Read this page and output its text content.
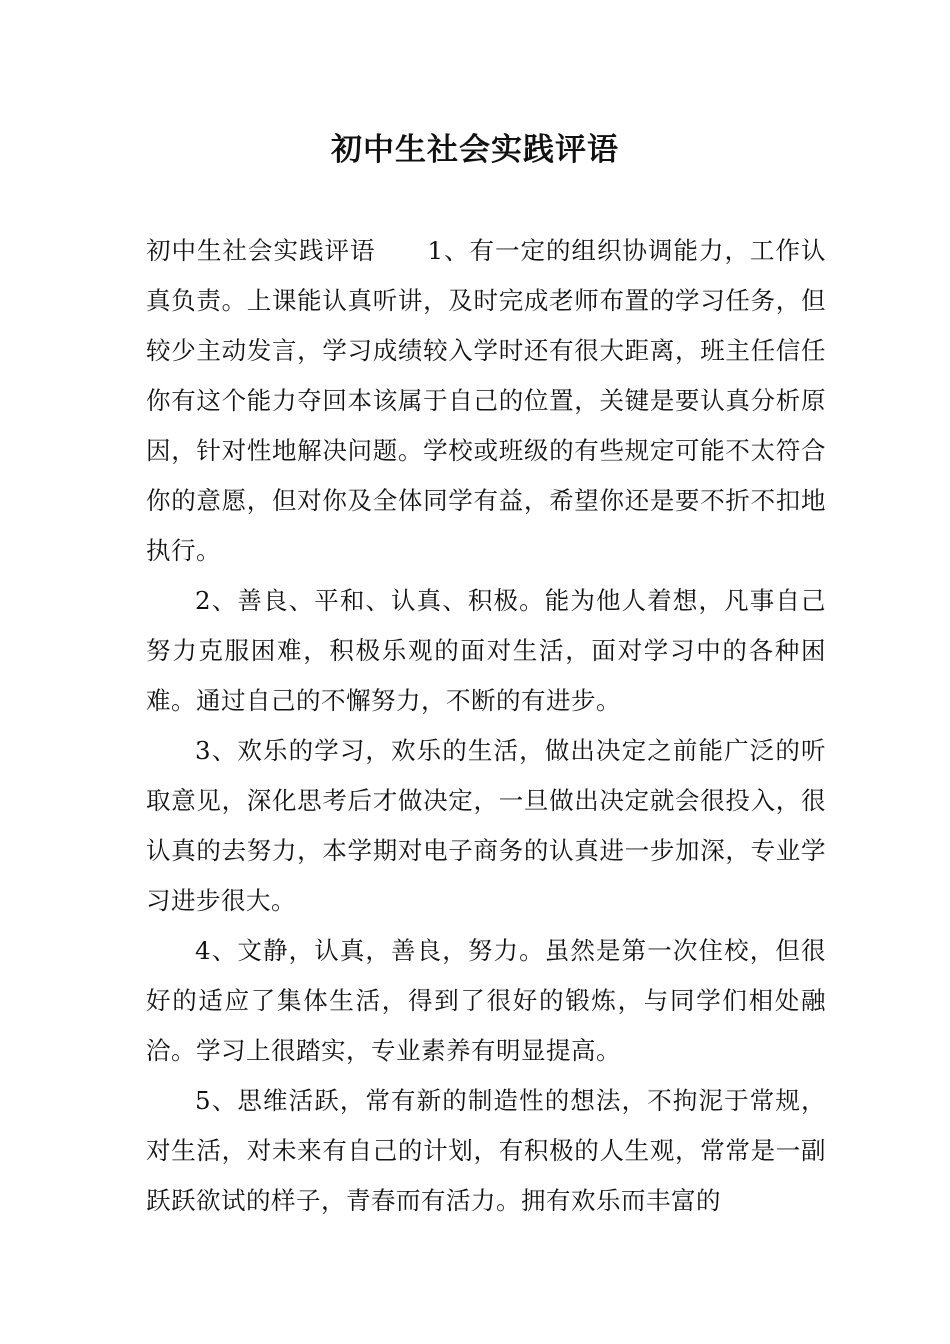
初中生社会实践评语

初中生社会实践评语 1、有一定的组织协调能力，工作认真负责。上课能认真听讲，及时完成老师布置的学习任务，但较少主动发言，学习成绩较入学时还有很大距离，班主任信任你有这个能力夺回本该属于自己的位置，关键是要认真分析原因，针对性地解决问题。学校或班级的有些规定可能不太符合你的意愿，但对你及全体同学有益，希望你还是要不折不扣地执行。

2、善良、平和、认真、积极。能为他人着想，凡事自己努力克服困难，积极乐观的面对生活，面对学习中的各种困难。通过自己的不懈努力，不断的有进步。

3、欢乐的学习，欢乐的生活，做出决定之前能广泛的听取意见，深化思考后才做决定，一旦做出决定就会很投入，很认真的去努力，本学期对电子商务的认真进一步加深，专业学习进步很大。

4、文静，认真，善良，努力。虽然是第一次住校，但很好的适应了集体生活，得到了很好的锻炼，与同学们相处融洽。学习上很踏实，专业素养有明显提高。

5、思维活跃，常有新的制造性的想法，不拘泥于常规，对生活，对未来有自己的计划，有积极的人生观，常常是一副跃跃欲试的样子，青春而有活力。拥有欢乐而丰富的
